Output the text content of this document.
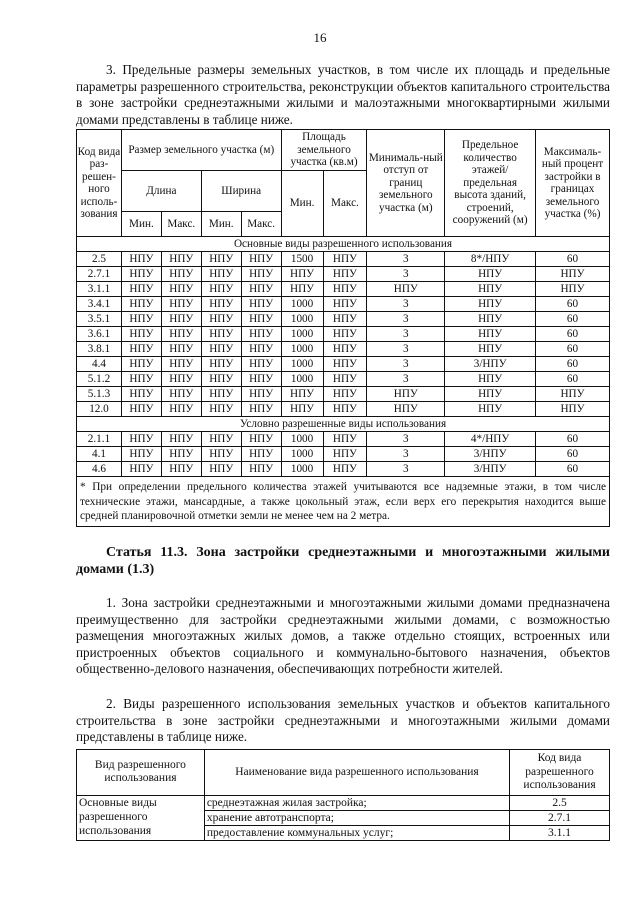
16

3. Предельные размеры земельных участков, в том числе их площадь и предельные параметры разрешенного строительства, реконструкции объектов капитального строительства в зоне застройки среднеэтажными жилыми и малоэтажными многоквартирными жилыми домами представлены в таблице ниже.

Код вида раз-решен-ного исполь-зования	Размер земельного участка (м)				Площадь земельного участка (кв.м)		Минималь-ный отступ от границ земельного участка (м)	Предельное количество этажей/ предельная высота зданий, строений, сооружений (м)	Максималь-ный процент застройки в границах земельного участка (%)
	Длина		Ширина		Мин.	Макс.			
	Мин.	Макс.	Мин.	Макс.					
Основные виды разрешенного использования									
2.5	НПУ	НПУ	НПУ	НПУ	1500	НПУ	3	8*/НПУ	60
2.7.1	НПУ	НПУ	НПУ	НПУ	НПУ	НПУ	3	НПУ	НПУ
3.1.1	НПУ	НПУ	НПУ	НПУ	НПУ	НПУ	НПУ	НПУ	НПУ
3.4.1	НПУ	НПУ	НПУ	НПУ	1000	НПУ	3	НПУ	60
3.5.1	НПУ	НПУ	НПУ	НПУ	1000	НПУ	3	НПУ	60
3.6.1	НПУ	НПУ	НПУ	НПУ	1000	НПУ	3	НПУ	60
3.8.1	НПУ	НПУ	НПУ	НПУ	1000	НПУ	3	НПУ	60
4.4	НПУ	НПУ	НПУ	НПУ	1000	НПУ	3	3/НПУ	60
5.1.2	НПУ	НПУ	НПУ	НПУ	1000	НПУ	3	НПУ	60
5.1.3	НПУ	НПУ	НПУ	НПУ	НПУ	НПУ	НПУ	НПУ	НПУ
12.0	НПУ	НПУ	НПУ	НПУ	НПУ	НПУ	НПУ	НПУ	НПУ
Условно разрешенные виды использования									
2.1.1	НПУ	НПУ	НПУ	НПУ	1000	НПУ	3	4*/НПУ	60
4.1	НПУ	НПУ	НПУ	НПУ	1000	НПУ	3	3/НПУ	60
4.6	НПУ	НПУ	НПУ	НПУ	1000	НПУ	3	3/НПУ	60
* При определении предельного количества этажей учитываются все надземные этажи, в том числе технические этажи, мансардные, а также цокольный этаж, если верх его перекрытия находится выше средней планировочной отметки земли не менее чем на 2 метра.									

Статья 11.3. Зона застройки среднеэтажными и многоэтажными жилыми домами (1.3)

1. Зона застройки среднеэтажными и многоэтажными жилыми домами предназначена преимущественно для застройки среднеэтажными жилыми домами, с возможностью размещения многоэтажных жилых домов, а также отдельно стоящих, встроенных или пристроенных объектов социального и коммунально-бытового назначения, объектов общественно-делового назначения, обеспечивающих потребности жителей.

2. Виды разрешенного использования земельных участков и объектов капитального строительства в зоне застройки среднеэтажными и многоэтажными жилыми домами представлены в таблице ниже.

Вид разрешенного использования	Наименование вида разрешенного использования	Код вида разрешенного использования
Основные виды разрешенного использования	среднеэтажная жилая застройка;	2.5
	хранение автотранспорта;	2.7.1
	предоставление коммунальных услуг;	3.1.1
